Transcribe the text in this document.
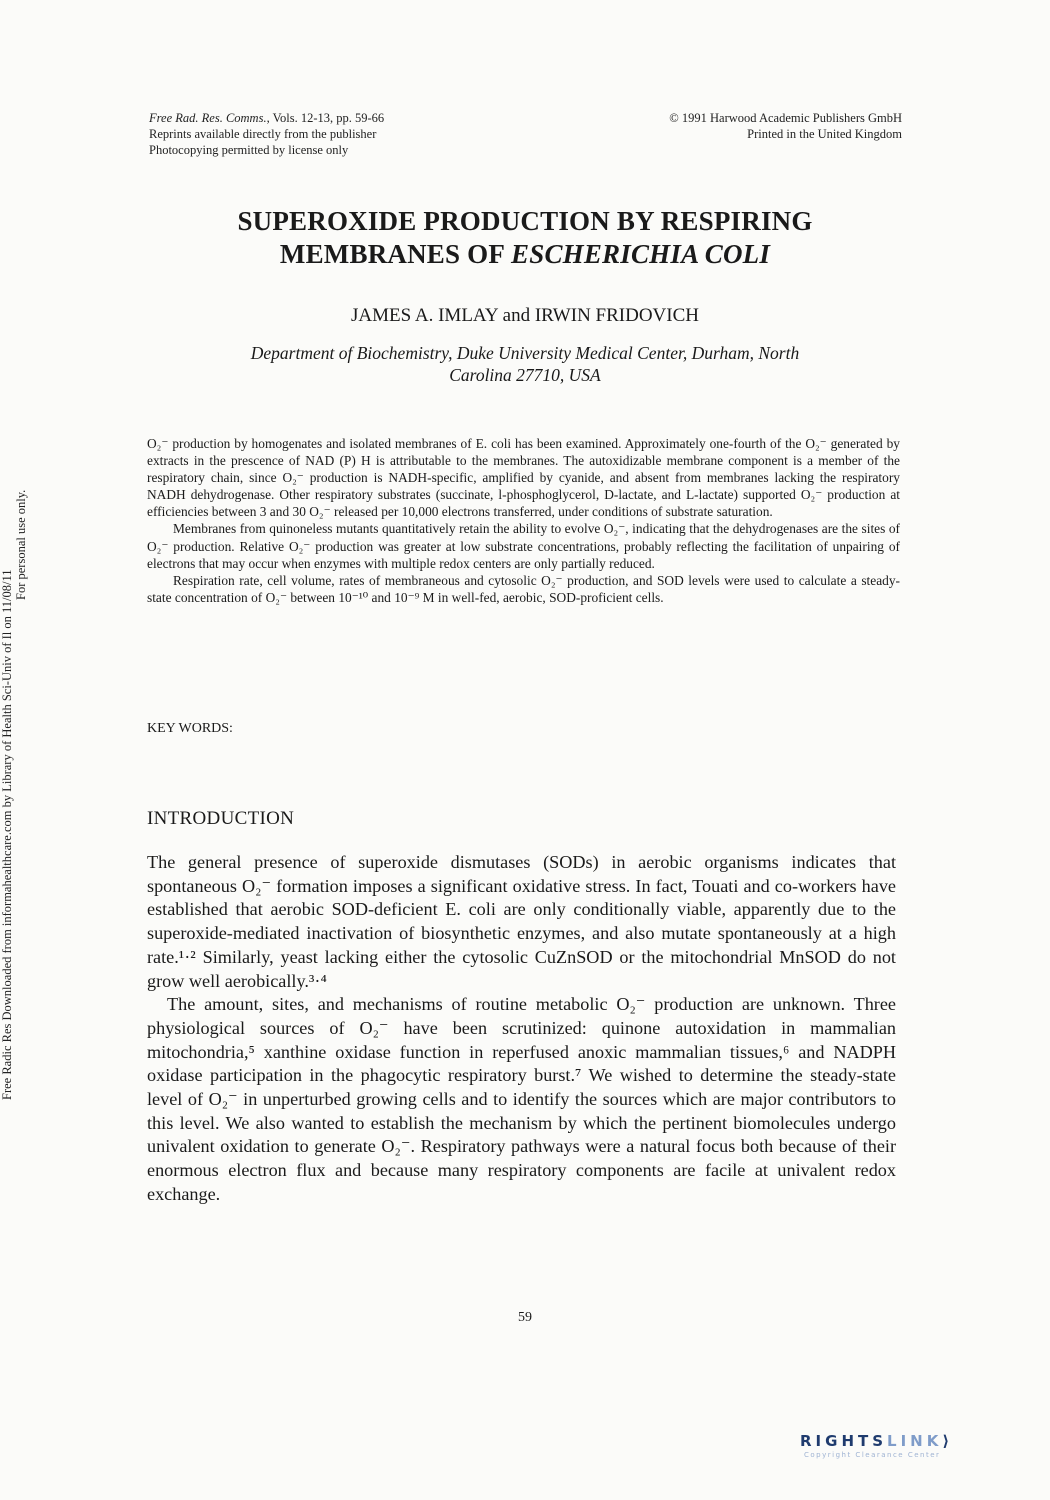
Free Rad. Res. Comms., Vols. 12-13, pp. 59-66
Reprints available directly from the publisher
Photocopying permitted by license only
© 1991 Harwood Academic Publishers GmbH
Printed in the United Kingdom
Free Radic Res Downloaded from informahealthcare.com by Library of Health Sci-Univ of Il on 11/08/11
For personal use only.
SUPEROXIDE PRODUCTION BY RESPIRING
MEMBRANES OF ESCHERICHIA COLI
JAMES A. IMLAY and IRWIN FRIDOVICH
Department of Biochemistry, Duke University Medical Center, Durham, North
Carolina 27710, USA

O₂⁻ production by homogenates and isolated membranes of E. coli has been examined. Approximately one-fourth of the O₂⁻ generated by extracts in the prescence of NAD (P) H is attributable to the membranes. The autoxidizable membrane component is a member of the respiratory chain, since O₂⁻ production is NADH-specific, amplified by cyanide, and absent from membranes lacking the respiratory NADH dehydrogenase. Other respiratory substrates (succinate, l-phosphoglycerol, D-lactate, and L-lactate) supported O₂⁻ production at efficiencies between 3 and 30 O₂⁻ released per 10,000 electrons transferred, under conditions of substrate saturation.

Membranes from quinoneless mutants quantitatively retain the ability to evolve O₂⁻, indicating that the dehydrogenases are the sites of O₂⁻ production. Relative O₂⁻ production was greater at low substrate concentrations, probably reflecting the facilitation of unpairing of electrons that may occur when enzymes with multiple redox centers are only partially reduced.

Respiration rate, cell volume, rates of membraneous and cytosolic O₂⁻ production, and SOD levels were used to calculate a steady-state concentration of O₂⁻ between 10⁻¹⁰ and 10⁻⁹ M in well-fed, aerobic, SOD-proficient cells.

KEY WORDS:
INTRODUCTION

The general presence of superoxide dismutases (SODs) in aerobic organisms indicates that spontaneous O₂⁻ formation imposes a significant oxidative stress. In fact, Touati and co-workers have established that aerobic SOD-deficient E. coli are only conditionally viable, apparently due to the superoxide-mediated inactivation of biosynthetic enzymes, and also mutate spontaneously at a high rate.¹·² Similarly, yeast lacking either the cytosolic CuZnSOD or the mitochondrial MnSOD do not grow well aerobically.³·⁴

The amount, sites, and mechanisms of routine metabolic O₂⁻ production are unknown. Three physiological sources of O₂⁻ have been scrutinized: quinone autoxidation in mammalian mitochondria,⁵ xanthine oxidase function in reperfused anoxic mammalian tissues,⁶ and NADPH oxidase participation in the phagocytic respiratory burst.⁷ We wished to determine the steady-state level of O₂⁻ in unperturbed growing cells and to identify the sources which are major contributors to this level. We also wanted to establish the mechanism by which the pertinent biomolecules undergo univalent oxidation to generate O₂⁻. Respiratory pathways were a natural focus both because of their enormous electron flux and because many respiratory components are facile at univalent redox exchange.

59
RIGHTSLINK⟩
Copyright Clearance Center
